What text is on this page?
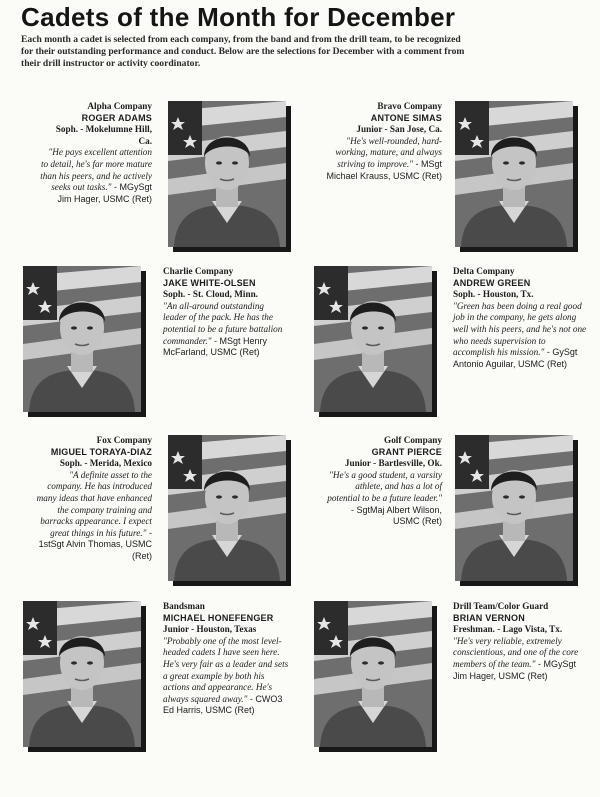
Cadets of the Month for December
Each month a cadet is selected from each company, from the band and from the drill team, to be recognized for their outstanding performance and conduct. Below are the selections for December with a comment from their drill instructor or activity coordinator.
Alpha Company
ROGER ADAMS
Soph. - Mokelumne Hill, Ca.
"He pays excellent attention to detail, he's far more mature than his peers, and he actively seeks out tasks." - MGySgt Jim Hager, USMC (Ret)
Bravo Company
ANTONE SIMAS
Junior - San Jose, Ca.
"He's well-rounded, hard-working, mature, and always striving to improve." - MSgt Michael Krauss, USMC (Ret)
Charlie Company
JAKE WHITE-OLSEN
Soph. - St. Cloud, Minn.
"An all-around outstanding leader of the pack. He has the potential to be a future battalion commander." - MSgt Henry McFarland, USMC (Ret)
Delta Company
ANDREW GREEN
Soph. - Houston, Tx.
"Green has been doing a real good job in the company, he gets along well with his peers, and he's not one who needs supervision to accomplish his mission." - GySgt Antonio Aguilar, USMC (Ret)
Fox Company
MIGUEL TORAYA-DIAZ
Soph. - Merida, Mexico
"A definite asset to the company. He has introduced many ideas that have enhanced the company training and barracks appearance. I expect great things in his future." - 1stSgt Alvin Thomas, USMC (Ret)
Golf Company
GRANT PIERCE
Junior - Bartlesville, Ok.
"He's a good student, a varsity athlete, and has a lot of potential to be a future leader." - SgtMaj Albert Wilson, USMC (Ret)
Bandsman
MICHAEL HONEFENGER
Junior - Houston, Texas
"Probably one of the most level-headed cadets I have seen here. He's very fair as a leader and sets a great example by both his actions and appearance. He's always squared away." - CWO3 Ed Harris, USMC (Ret)
Drill Team/Color Guard
BRIAN VERNON
Freshman. - Lago Vista, Tx.
"He's very reliable, extremely conscientious, and one of the core members of the team." - MGySgt Jim Hager, USMC (Ret)
